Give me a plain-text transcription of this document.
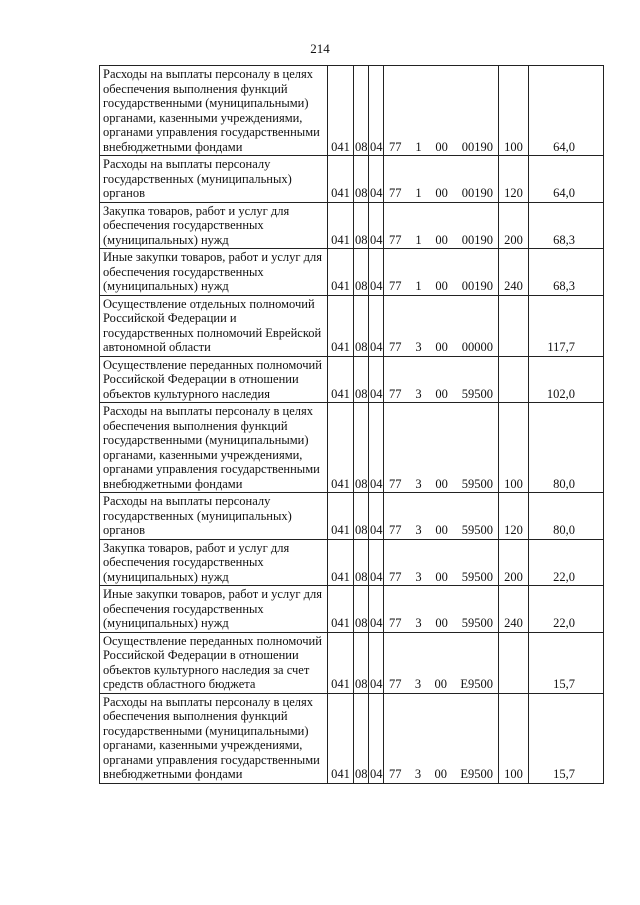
214
Расходы на выплаты персоналу в целях обеспечения выполнения функций государственными (муниципальными) органами, казенными учреждениями, органами управления государственными внебюджетными фондами	041	08	04	77 1 00 00190	100	64,0
Расходы на выплаты персоналу государственных (муниципальных) органов	041	08	04	77 1 00 00190	120	64,0
Закупка товаров, работ и услуг для обеспечения государственных (муниципальных) нужд	041	08	04	77 1 00 00190	200	68,3
Иные закупки товаров, работ и услуг для обеспечения государственных (муниципальных) нужд	041	08	04	77 1 00 00190	240	68,3
Осуществление отдельных полномочий Российской Федерации и государственных полномочий Еврейской автономной области	041	08	04	77 3 00 00000		117,7
Осуществление переданных полномочий Российской Федерации в отношении объектов культурного наследия	041	08	04	77 3 00 59500		102,0
Расходы на выплаты персоналу в целях обеспечения выполнения функций государственными (муниципальными) органами, казенными учреждениями, органами управления государственными внебюджетными фондами	041	08	04	77 3 00 59500	100	80,0
Расходы на выплаты персоналу государственных (муниципальных) органов	041	08	04	77 3 00 59500	120	80,0
Закупка товаров, работ и услуг для обеспечения государственных (муниципальных) нужд	041	08	04	77 3 00 59500	200	22,0
Иные закупки товаров, работ и услуг для обеспечения государственных (муниципальных) нужд	041	08	04	77 3 00 59500	240	22,0
Осуществление переданных полномочий Российской Федерации в отношении объектов культурного наследия за счет средств областного бюджета	041	08	04	77 3 00 E9500		15,7
Расходы на выплаты персоналу в целях обеспечения выполнения функций государственными (муниципальными) органами, казенными учреждениями, органами управления государственными внебюджетными фондами	041	08	04	77 3 00 E9500	100	15,7
